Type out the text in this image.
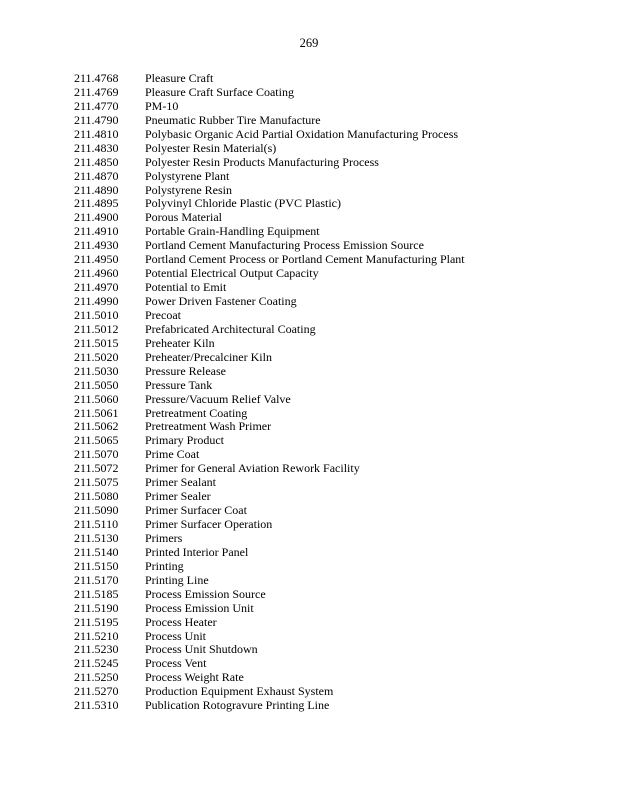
269
211.4768	Pleasure Craft
211.4769	Pleasure Craft Surface Coating
211.4770	PM-10
211.4790	Pneumatic Rubber Tire Manufacture
211.4810	Polybasic Organic Acid Partial Oxidation Manufacturing Process
211.4830	Polyester Resin Material(s)
211.4850	Polyester Resin Products Manufacturing Process
211.4870	Polystyrene Plant
211.4890	Polystyrene Resin
211.4895	Polyvinyl Chloride Plastic (PVC Plastic)
211.4900	Porous Material
211.4910	Portable Grain-Handling Equipment
211.4930	Portland Cement Manufacturing Process Emission Source
211.4950	Portland Cement Process or Portland Cement Manufacturing Plant
211.4960	Potential Electrical Output Capacity
211.4970	Potential to Emit
211.4990	Power Driven Fastener Coating
211.5010	Precoat
211.5012	Prefabricated Architectural Coating
211.5015	Preheater Kiln
211.5020	Preheater/Precalciner Kiln
211.5030	Pressure Release
211.5050	Pressure Tank
211.5060	Pressure/Vacuum Relief Valve
211.5061	Pretreatment Coating
211.5062	Pretreatment Wash Primer
211.5065	Primary Product
211.5070	Prime Coat
211.5072	Primer for General Aviation Rework Facility
211.5075	Primer Sealant
211.5080	Primer Sealer
211.5090	Primer Surfacer Coat
211.5110	Primer Surfacer Operation
211.5130	Primers
211.5140	Printed Interior Panel
211.5150	Printing
211.5170	Printing Line
211.5185	Process Emission Source
211.5190	Process Emission Unit
211.5195	Process Heater
211.5210	Process Unit
211.5230	Process Unit Shutdown
211.5245	Process Vent
211.5250	Process Weight Rate
211.5270	Production Equipment Exhaust System
211.5310	Publication Rotogravure Printing Line
